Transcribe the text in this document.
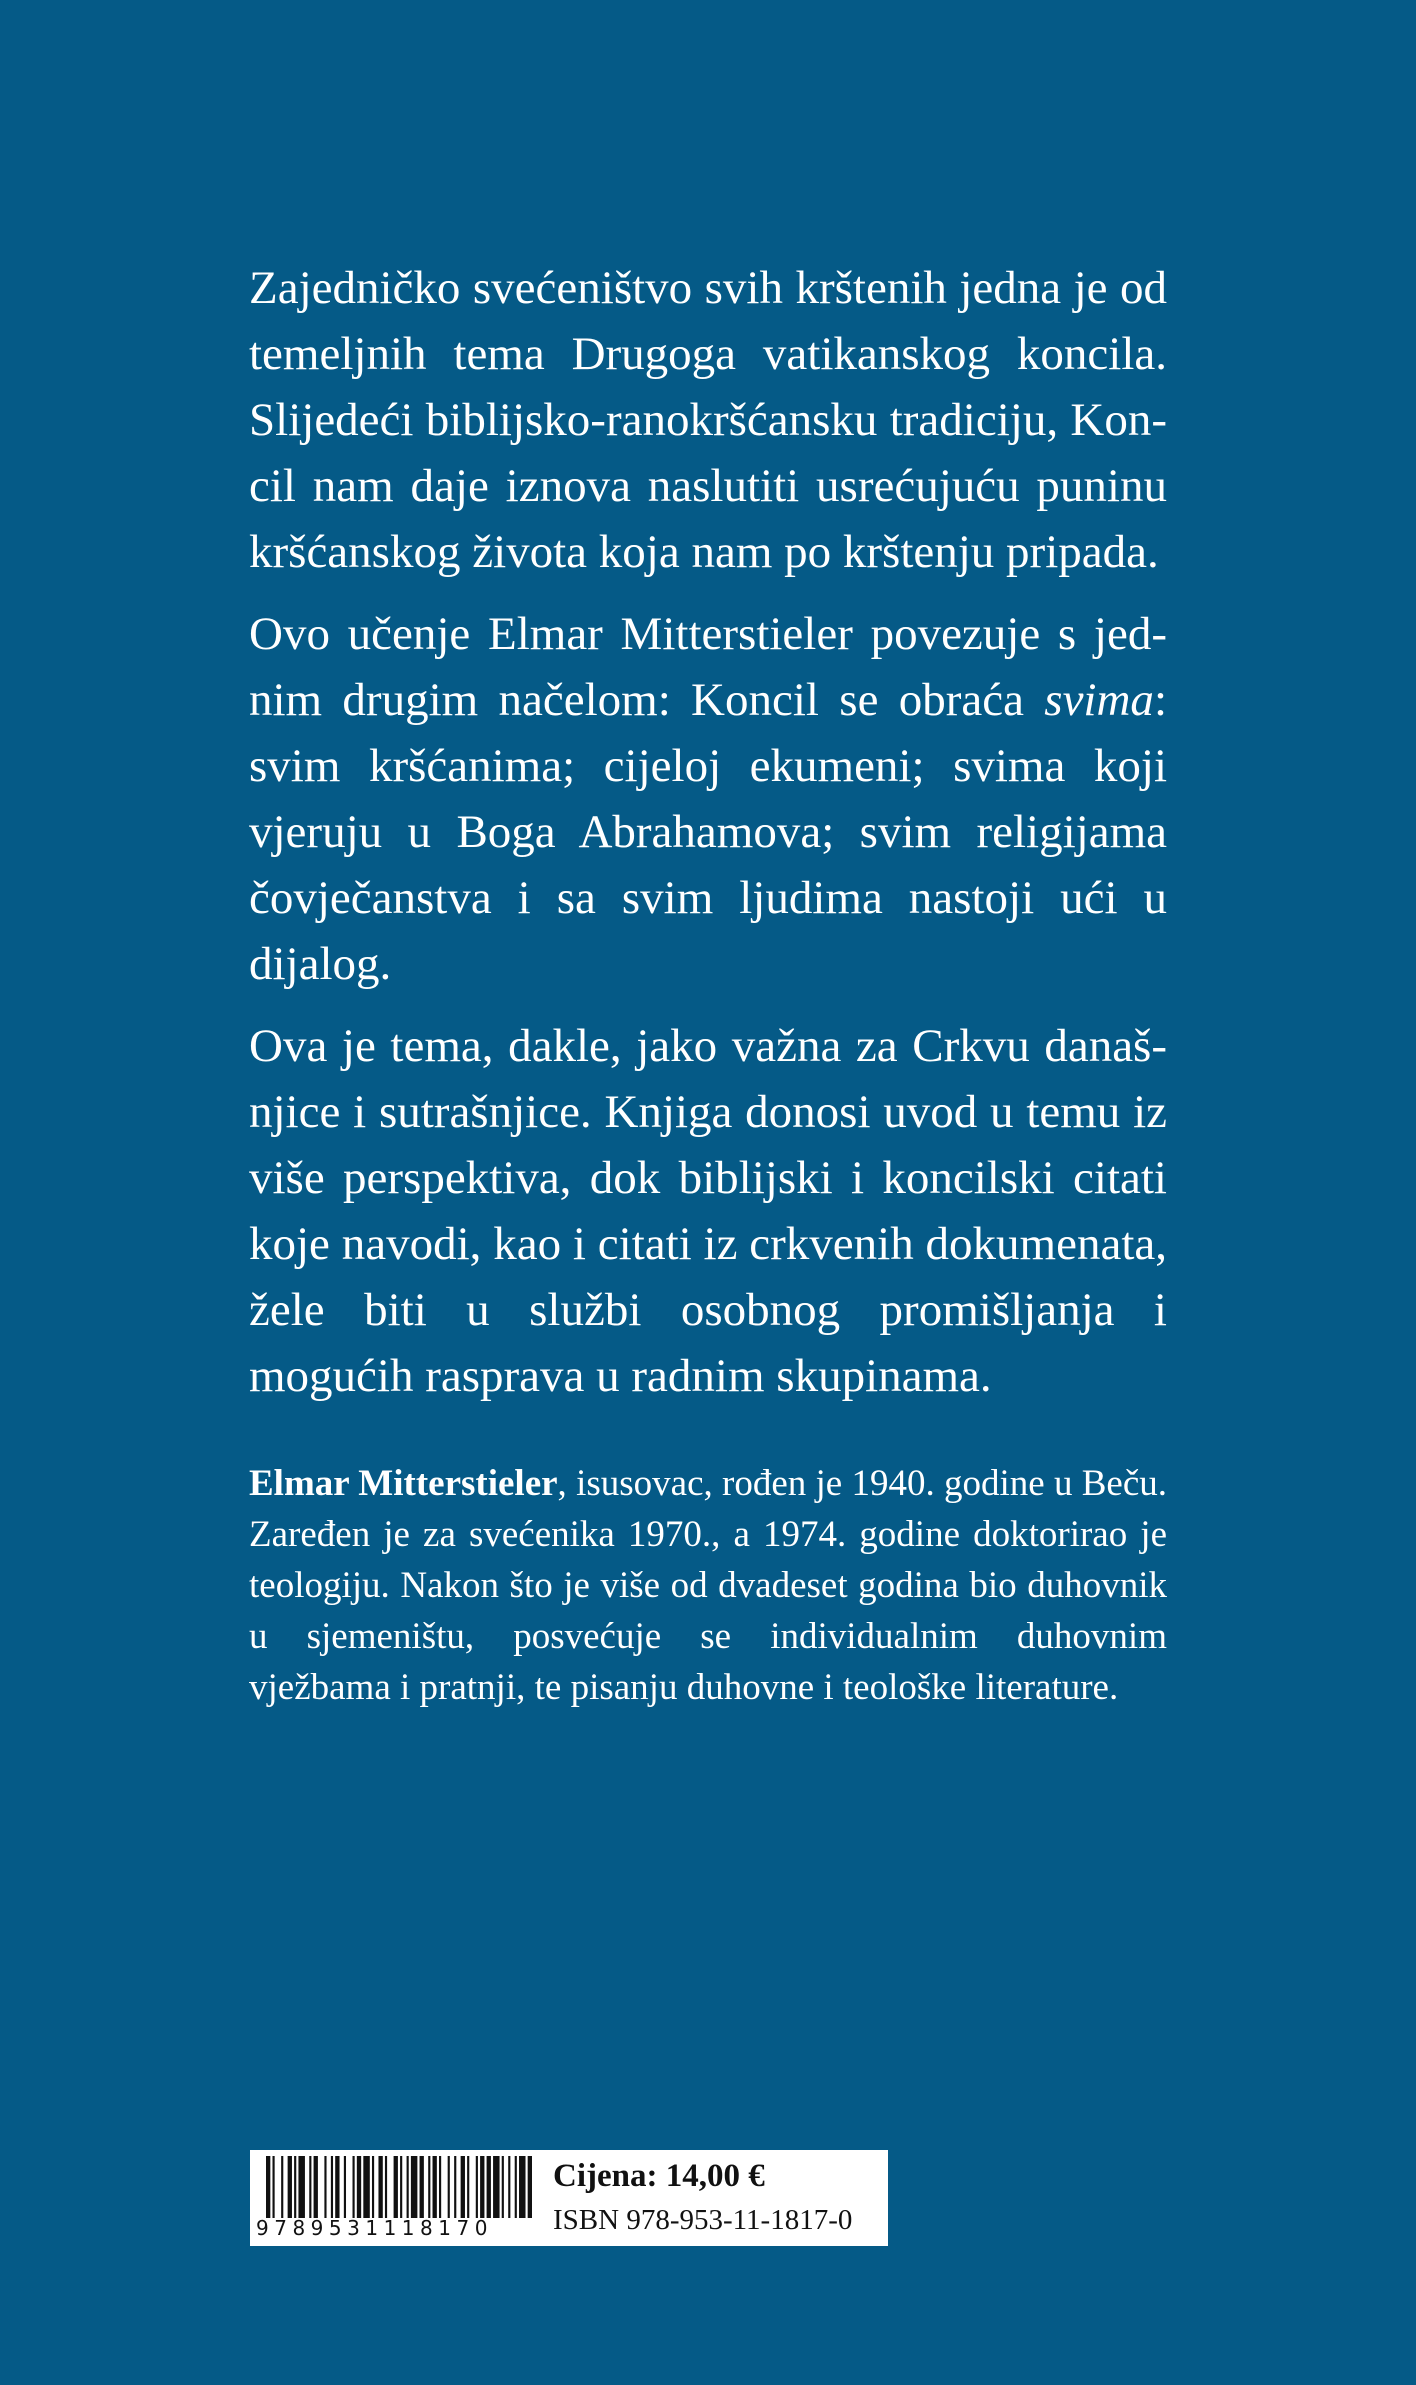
Zajedničko svećeništvo svih krštenih jedna je od temeljnih tema Drugoga vatikanskog koncila. Slijedeći biblijsko-ranokršćansku tradiciju, Koncil nam daje iznova naslutiti usrećujuću puninu kršćanskog života koja nam po krštenju pripada.

Ovo učenje Elmar Mitterstieler povezuje s jednim drugim načelom: Koncil se obraća svima: svim kršćanima; cijeloj ekumeni; svima koji vjeruju u Boga Abrahamova; svim religijama čovječanstva i sa svim ljudima nastoji ući u dijalog.

Ova je tema, dakle, jako važna za Crkvu današnjice i sutrašnjice. Knjiga donosi uvod u temu iz više perspektiva, dok biblijski i koncilski citati koje navodi, kao i citati iz crkvenih dokumenata, žele biti u službi osobnog promišljanja i mogućih rasprava u radnim skupinama.

Elmar Mitterstieler, isusovac, rođen je 1940. godine u Beču. Zaređen je za svećenika 1970., a 1974. godine doktorirao je teologiju. Nakon što je više od dvadeset godina bio duhovnik u sjemeništu, posvećuje se individualnim duhovnim vježbama i pratnji, te pisanju duhovne i teološke literature.

9789531118170
Cijena: 14,00 €
ISBN 978-953-11-1817-0
